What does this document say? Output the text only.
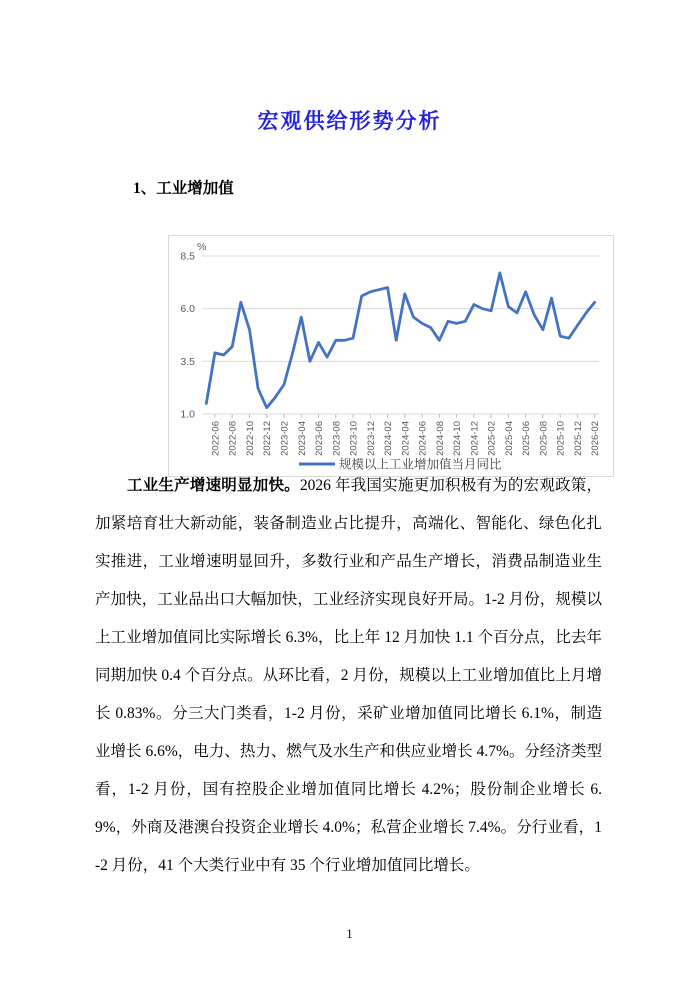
宏观供给形势分析
1、工业增加值
8.5
6.0
3.5
1.0
%
2022-06 2022-08 2022-10 2022-12 2023-02 2023-04 2023-06 2023-08 2023-10 2023-12 2024-02 2024-04 2024-06 2024-08 2024-10 2024-12 2025-02 2025-04 2025-06 2025-08 2025-10 2025-12 2026-02
规模以上工业增加值当月同比

工业生产增速明显加快。2026 年我国实施更加积极有为的宏观政策，加紧培育壮大新动能，装备制造业占比提升，高端化、智能化、绿色化扎实推进，工业增速明显回升，多数行业和产品生产增长，消费品制造业生产加快，工业品出口大幅加快，工业经济实现良好开局。1-2 月份，规模以上工业增加值同比实际增长 6.3%，比上年 12 月加快 1.1 个百分点，比去年同期加快 0.4 个百分点。从环比看，2 月份，规模以上工业增加值比上月增长 0.83%。分三大门类看，1-2 月份，采矿业增加值同比增长 6.1%，制造业增长 6.6%，电力、热力、燃气及水生产和供应业增长 4.7%。分经济类型看，1-2 月份，国有控股企业增加值同比增长 4.2%；股份制企业增长 6.9%，外商及港澳台投资企业增长 4.0%；私营企业增长 7.4%。分行业看，1-2 月份，41 个大类行业中有 35 个行业增加值同比增长。

1
